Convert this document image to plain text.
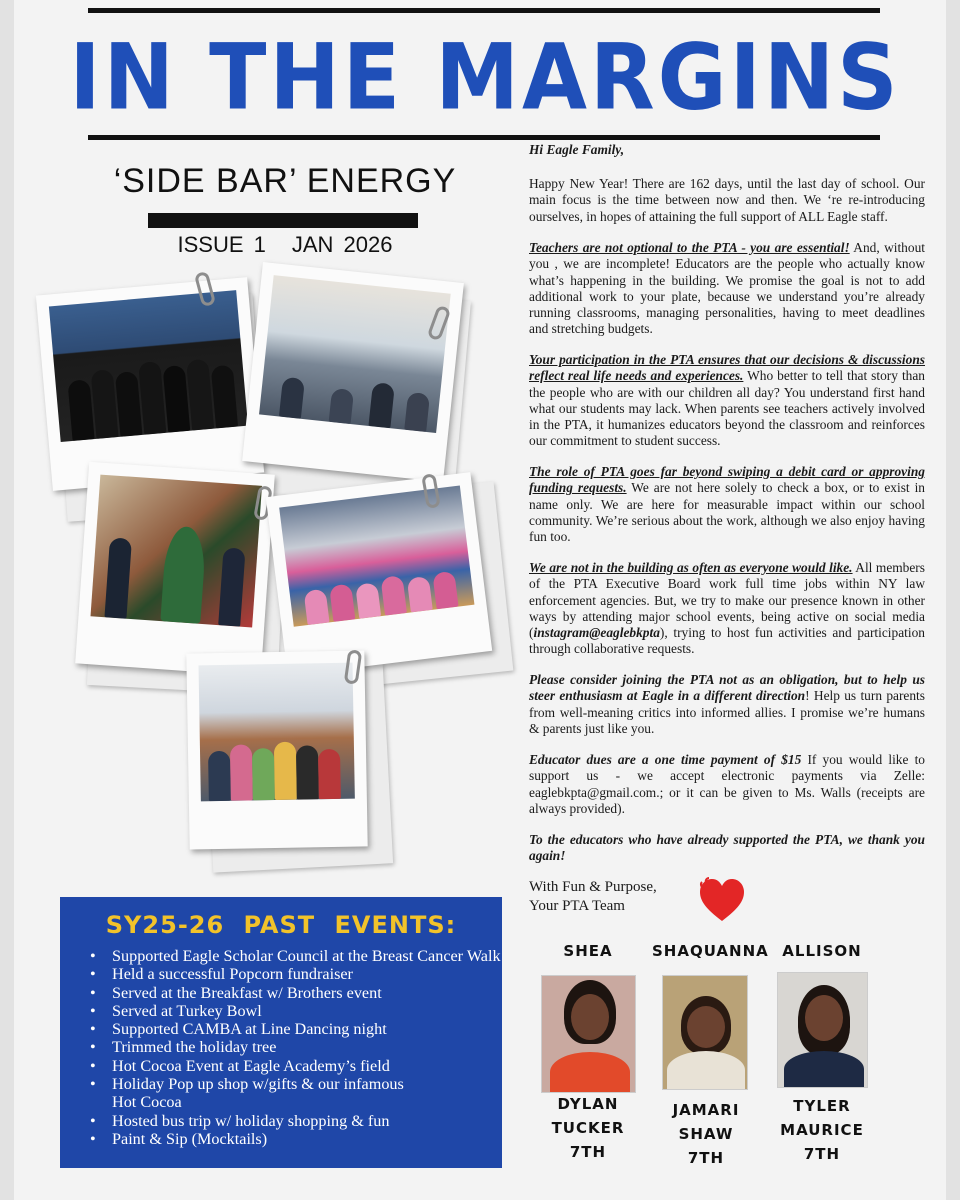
IN THE MARGINS
‘SIDE BAR’ ENERGY
ISSUE 1 JAN 2026
SY25-26 PAST EVENTS:
• Supported Eagle Scholar Council at the Breast Cancer Walk
• Held a successful Popcorn fundraiser
• Served at the Breakfast w/ Brothers event
• Served at Turkey Bowl
• Supported CAMBA at Line Dancing night
• Trimmed the holiday tree
• Hot Cocoa Event at Eagle Academy’s field
• Holiday Pop up shop w/gifts & our infamous
Hot Cocoa
• Hosted bus trip w/ holiday shopping & fun
• Paint & Sip (Mocktails)
Hi Eagle Family,

Happy New Year! There are 162 days, until the last day of school. Our main focus is the time between now and then. We ‘re re-introducing ourselves, in hopes of attaining the full support of ALL Eagle staff.

Teachers are not optional to the PTA - you are essential! And, without you , we are incomplete! Educators are the people who actually know what’s happening in the building. We promise the goal is not to add additional work to your plate, because we understand you’re already running classrooms, managing personalities, having to meet deadlines and stretching budgets.

Your participation in the PTA ensures that our decisions & discussions reflect real life needs and experiences. Who better to tell that story than the people who are with our children all day? You understand first hand what our students may lack. When parents see teachers actively involved in the PTA, it humanizes educators beyond the classroom and reinforces our commitment to student success.

The role of PTA goes far beyond swiping a debit card or approving funding requests. We are not here solely to check a box, or to exist in name only. We are here for measurable impact within our school community. We’re serious about the work, although we also enjoy having fun too.

We are not in the building as often as everyone would like. All members of the PTA Executive Board work full time jobs within NY law enforcement agencies. But, we try to make our presence known in other ways by attending major school events, being active on social media (instagram@eaglebkpta), trying to host fun activities and participation through collaborative requests.

Please consider joining the PTA not as an obligation, but to help us steer enthusiasm at Eagle in a different direction! Help us turn parents from well-meaning critics into informed allies. I promise we’re humans & parents just like you.

Educator dues are a one time payment of $15 If you would like to support us - we accept electronic payments via Zelle: eaglebkpta@gmail.com.; or it can be given to Ms. Walls (receipts are always provided).

To the educators who have already supported the PTA, we thank you again!

With Fun & Purpose,
Your PTA Team
SHEA
DYLAN
TUCKER
7TH
SHAQUANNA
JAMARI
SHAW
7TH
ALLISON
TYLER
MAURICE
7TH
